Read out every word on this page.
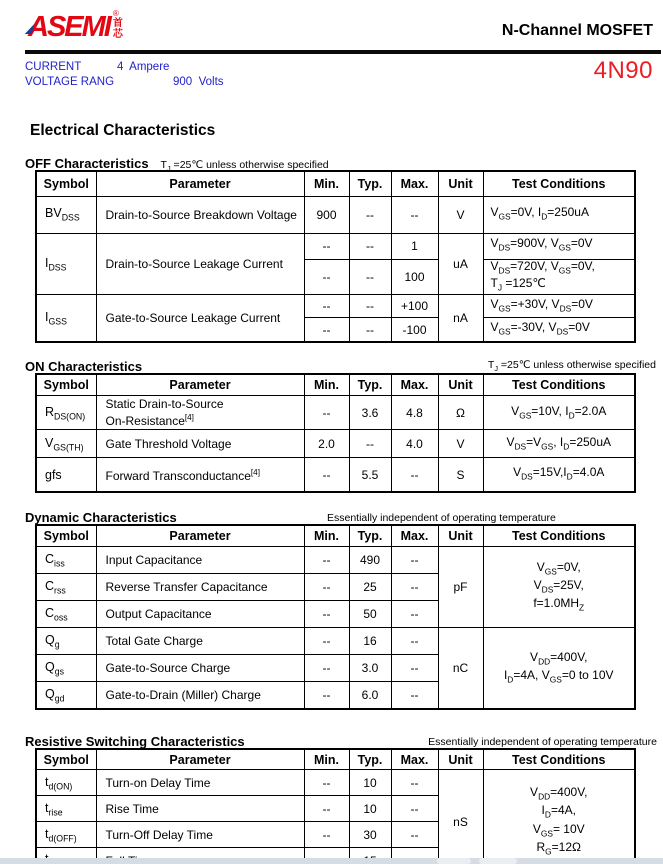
ASEMI ®
首
芯	N-Channel MOSFET
CURRENT	4  Ampere
VOLTAGE RANG	900  Volts	4N90
Electrical Characteristics
OFF Characteristics $T_J$ =25℃ unless otherwise specified
Symbol	Parameter	Min.	Typ.	Max.	Unit	Test Conditions
$BV_{DSS}$	Drain-to-Source Breakdown Voltage	900	--	--	V	$V_{GS}=0V$, $I_D=250uA$
$I_{DSS}$	Drain-to-Source Leakage Current	--	--	1	uA	$V_{DS}=900V$, $V_{GS}=0V$
		--	--	100		$V_{DS}=720V$, $V_{GS}=0V$,
$T_J$ =125℃
$I_{GSS}$	Gate-to-Source Leakage Current	--	--	+100	nA	$V_{GS}=+30V$, $V_{DS}=0V$
		--	--	-100		$V_{GS}=-30V$, $V_{DS}=0V$
ON Characteristics	$T_J$ =25℃ unless otherwise specified
Symbol	Parameter	Min.	Typ.	Max.	Unit	Test Conditions
$R_{DS(ON)}$	Static Drain-to-Source
On-Resistance[4]	--	3.6	4.8	Ω	$V_{GS}=10V$, $I_D=2.0A$
$V_{GS(TH)}$	Gate Threshold Voltage	2.0	--	4.0	V	$V_{DS}=V_{GS}$, $I_D=250uA$
gfs	Forward Transconductance[4]	--	5.5	--	S	$V_{DS}=15V,I_D=4.0A$
Dynamic Characteristics	Essentially independent of operating temperature
Symbol	Parameter	Min.	Typ.	Max.	Unit	Test Conditions
$C_{iss}$	Input Capacitance	--	490	--	pF	$V_{GS}=0V$,
$V_{DS}=25V$,
$f=1.0MH_Z$
$C_{rss}$	Reverse Transfer Capacitance	--	25	--		
$C_{oss}$	Output Capacitance	--	50	--		
$Q_g$	Total Gate Charge	--	16	--	nC	$V_{DD}=400V$,
$I_D=4A$, $V_{GS}=0$ to 10V
$Q_{gs}$	Gate-to-Source Charge	--	3.0	--		
$Q_{gd}$	Gate-to-Drain (Miller) Charge	--	6.0	--		
Resistive Switching Characteristics	Essentially independent of operating temperature
Symbol	Parameter	Min.	Typ.	Max.	Unit	Test Conditions
$t_{d(ON)}$	Turn-on Delay Time	--	10	--	nS	$V_{DD}=400V$,
$I_D=4A$,
$V_{GS}= 10V$
$R_G=12\Omega$
$t_{rise}$	Rise Time	--	10	--		
$t_{d(OFF)}$	Turn-Off Delay Time	--	30	--		
